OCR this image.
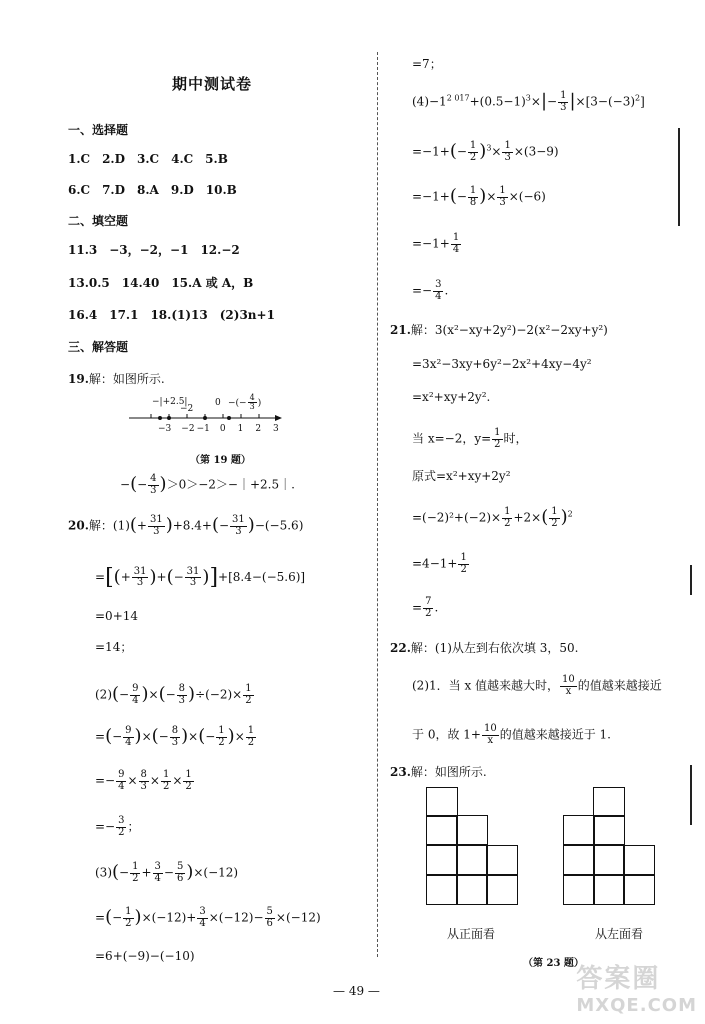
期中测试卷
一、选择题
1.C　2.D　3.C　4.C　5.B
6.C　7.D　8.A　9.D　10.B
二、填空题
11.3　−3，−2，−1　12.−2
13.0.5　14.40　15.A 或 A，B
16.4　17.1　18.(1)13　(2)3n+1
三、解答题
19.解：如图所示.
−|+2.5|
−2
0 −(− $\frac{4}{3}$ )
−3 −2 −1 0 1 2 3
（第 19 题）
−(− $\frac{4}{3}$ )＞0＞−2＞−｜+2.5｜.
20.解：$(1)(+ \frac{31}{3} )+8.4+(- \frac{31}{3} )-(-5.6)$
=[(+ $\frac{31}{3}$ )+(− $\frac{31}{3} )]+[8.4-(-5.6)]$
=0+14
=14；
$(2)(- \frac{9}{4}$ )×(− $\frac{8}{3} )\div(-2)\times \frac{1}{2}$
=(− $\frac{9}{4}$ )×(− $\frac{8}{3}$ )×(− $\frac{1}{2}$ )× $\frac{1}{2}$
=− $\frac{9}{4} \times \frac{8}{3} \times \frac{1}{2} \times \frac{1}{2}$
=− $\frac{3}{2}$ ；
$(3)(- \frac{1}{2} + \frac{3}{4} - \frac{5}{6} )\times(-12)$
=(− $\frac{1}{2} )\times(-12)+ \frac{3}{4} \times(-12)- \frac{5}{6} \times(-12)$
=6+(−9)−(−10)
=7；
$(4)-1^{2 017}+(0.5-1)^3\times|- \frac{1}{3} |\times[3-(-3)^2]$
$=-1+(- \frac{1}{2} )^3\times \frac{1}{3} \times(3-9)$
$=-1+(- \frac{1}{8}$ )× $\frac{1}{3} \times(-6)$
$=-1+ \frac{1}{4}$
=− $\frac{3}{4}$ .
21.解：3(x²−xy+2y²)−2(x²−2xy+y²)
=3x²−3xy+6y²−2x²+4xy−4y²
=x²+xy+2y².
当 x=−2，$y= \frac{1}{2}$ 时，
原式=x²+xy+2y²
$=(-2)^2+(-2)\times \frac{1}{2} +2\times( \frac{1}{2} )^2$
$=4-1+ \frac{1}{2}$
= $\frac{7}{2}$ .
22.解：(1)从左到右依次填 3，50.
(2)1．当 x 值越来越大时， $\frac{10}{x}$ 的值越来越接近
于 0，故 $1+ \frac{10}{x}$ 的值越来越接近于 1.
23.解：如图所示.
从正面看	从左面看
（第 23 题）
— 49 —	答案圈
MXQE.COM
